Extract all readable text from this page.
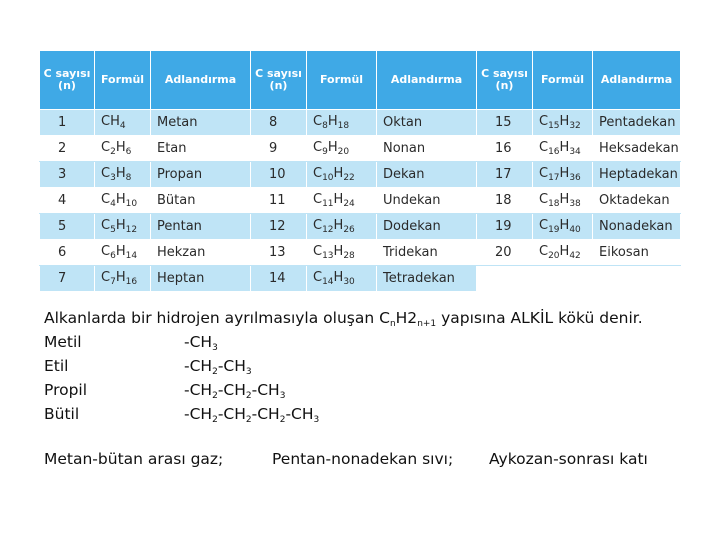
C sayısı (n)	Formül	Adlandırma	C sayısı (n)	Formül	Adlandırma	C sayısı (n)	Formül	Adlandırma
1	$CH_4$	Metan	8	$C_8H_{18}$	Oktan	15	$C_{15}H_{32}$	Pentadekan
2	$C_2H_6$	Etan	9	$C_9H_{20}$	Nonan	16	$C_{16}H_{34}$	Heksadekan
3	$C_3H_8$	Propan	10	$C_{10}H_{22}$	Dekan	17	$C_{17}H_{36}$	Heptadekan
4	$C_4H_{10}$	Bütan	11	$C_{11}H_{24}$	Undekan	18	$C_{18}H_{38}$	Oktadekan
5	$C_5H_{12}$	Pentan	12	$C_{12}H_{26}$	Dodekan	19	$C_{19}H_{40}$	Nonadekan
6	$C_6H_{14}$	Hekzan	13	$C_{13}H_{28}$	Tridekan	20	$C_{20}H_{42}$	Eikosan
7	$C_7H_{16}$	Heptan	14	$C_{14}H_{30}$	Tetradekan			
Alkanlarda bir hidrojen ayrılmasıyla oluşan $C_nH2_{n+1}$ yapısına ALKİL kökü denir.
Metil	$-CH_3$
Etil	$-CH_2-CH_3$
Propil	$-CH_2-CH_2-CH_3$
Bütil	$-CH_2-CH_2-CH_2-CH_3$
Metan-bütan arası gaz;	Pentan-nonadekan sıvı; Aykozan-sonrası katı
